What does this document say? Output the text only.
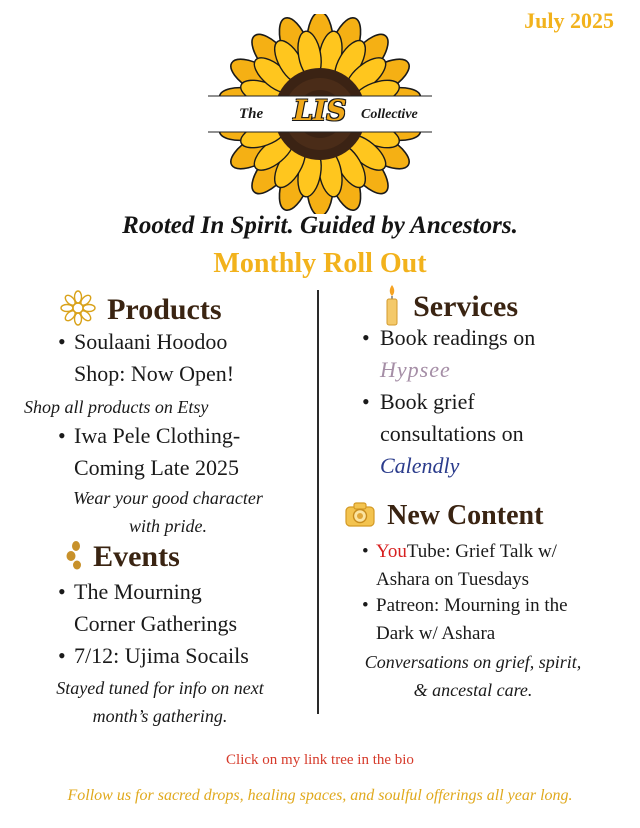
July 2025
The LIS Collective
Rooted In Spirit. Guided by Ancestors.
Monthly Roll Out
Products
• Soulaani Hoodoo
Shop: Now Open!
Shop all products on Etsy
• Iwa Pele Clothing-
Coming Late 2025
Wear your good character
with pride.
Events
• The Mourning
Corner Gatherings
• 7/12: Ujima Socails
Stayed tuned for info on next
month’s gathering.
Services
• Book readings on
Hypsee
• Book grief
consultations on
Calendly
New Content
• YouTube: Grief Talk w/
Ashara on Tuesdays
• Patreon: Mourning in the
Dark w/ Ashara
Conversations on grief, spirit,
& ancestal care.
Click on my link tree in the bio
Follow us for sacred drops, healing spaces, and soulful offerings all year long.
